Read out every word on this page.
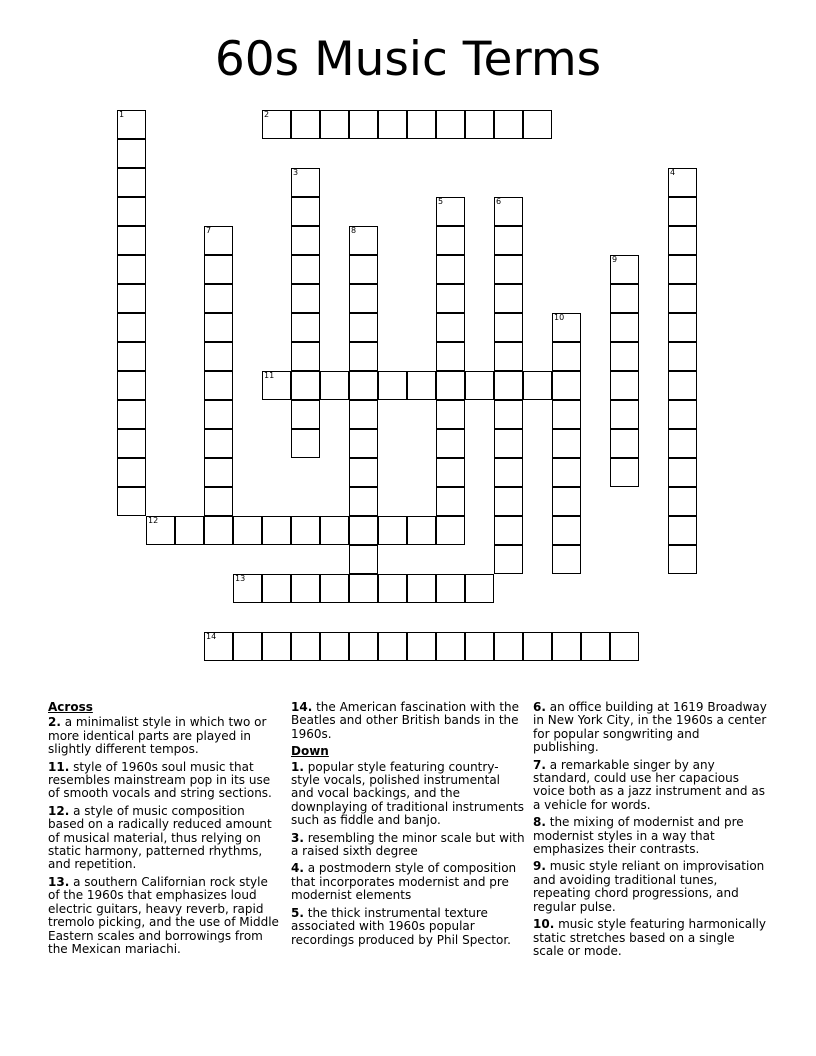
60s Music Terms
1	2
3	4
5	6
7	8
9
10
11
12
13
14
Across
2. a minimalist style in which two or more identical parts are played in slightly different tempos.
11. style of 1960s soul music that resembles mainstream pop in its use of smooth vocals and string sections.
12. a style of music composition based on a radically reduced amount of musical material, thus relying on static harmony, patterned rhythms, and repetition.
13. a southern Californian rock style of the 1960s that emphasizes loud electric guitars, heavy reverb, rapid tremolo picking, and the use of Middle Eastern scales and borrowings from the Mexican mariachi.
14. the American fascination with the Beatles and other British bands in the 1960s.
Down
1. popular style featuring country-style vocals, polished instrumental and vocal backings, and the downplaying of traditional instruments such as fiddle and banjo.
3. resembling the minor scale but with a raised sixth degree
4. a postmodern style of composition that incorporates modernist and pre modernist elements
5. the thick instrumental texture associated with 1960s popular recordings produced by Phil Spector.
6. an office building at 1619 Broadway in New York City, in the 1960s a center for popular songwriting and publishing.
7. a remarkable singer by any standard, could use her capacious voice both as a jazz instrument and as a vehicle for words.
8. the mixing of modernist and pre modernist styles in a way that emphasizes their contrasts.
9. music style reliant on improvisation and avoiding traditional tunes, repeating chord progressions, and regular pulse.
10. music style featuring harmonically static stretches based on a single scale or mode.
